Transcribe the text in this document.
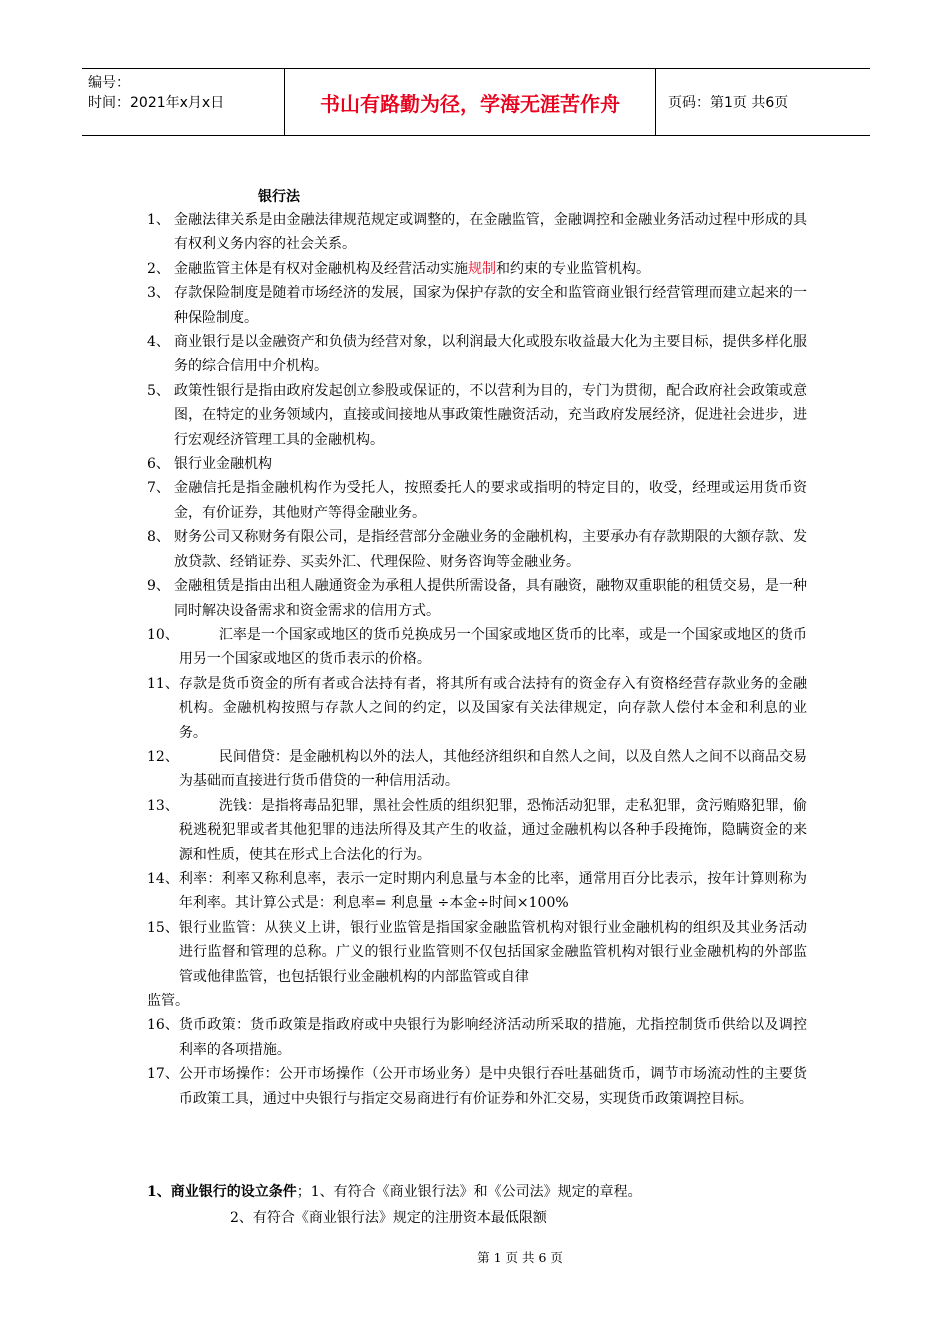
编号：
时间：2021年x月x日	书山有路勤为径，学海无涯苦作舟	页码：第1页 共6页
银行法
1、 金融法律关系是由金融法律规范规定或调整的，在金融监管，金融调控和金融业务活动过程中形成的具有权利义务内容的社会关系。
2、 金融监管主体是有权对金融机构及经营活动实施规制和约束的专业监管机构。
3、 存款保险制度是随着市场经济的发展，国家为保护存款的安全和监管商业银行经营管理而建立起来的一种保险制度。
4、 商业银行是以金融资产和负债为经营对象，以利润最大化或股东收益最大化为主要目标，提供多样化服务的综合信用中介机构。
5、 政策性银行是指由政府发起创立参股或保证的，不以营利为目的，专门为贯彻，配合政府社会政策或意图，在特定的业务领域内，直接或间接地从事政策性融资活动，充当政府发展经济，促进社会进步，进行宏观经济管理工具的金融机构。
6、 银行业金融机构
7、 金融信托是指金融机构作为受托人，按照委托人的要求或指明的特定目的，收受，经理或运用货币资金，有价证券，其他财产等得金融业务。
8、 财务公司又称财务有限公司，是指经营部分金融业务的金融机构，主要承办有存款期限的大额存款、发放贷款、经销证券、买卖外汇、代理保险、财务咨询等金融业务。
9、 金融租赁是指由出租人融通资金为承租人提供所需设备，具有融资，融物双重职能的租赁交易，是一种同时解决设备需求和资金需求的信用方式。
10、	汇率是一个国家或地区的货币兑换成另一个国家或地区货币的比率，或是一个国家或地区的货币用另一个国家或地区的货币表示的价格。
11、 存款是货币资金的所有者或合法持有者，将其所有或合法持有的资金存入有资格经营存款业务的金融机构。金融机构按照与存款人之间的约定，以及国家有关法律规定，向存款人偿付本金和利息的业务。
12、	民间借贷：是金融机构以外的法人，其他经济组织和自然人之间，以及自然人之间不以商品交易为基础而直接进行货币借贷的一种信用活动。
13、	洗钱：是指将毒品犯罪，黑社会性质的组织犯罪，恐怖活动犯罪，走私犯罪，贪污贿赂犯罪，偷税逃税犯罪或者其他犯罪的违法所得及其产生的收益，通过金融机构以各种手段掩饰，隐瞒资金的来源和性质，使其在形式上合法化的行为。
14、 利率：利率又称利息率，表示一定时期内利息量与本金的比率，通常用百分比表示，按年计算则称为年利率。其计算公式是：利息率= 利息量 ÷本金÷时间×100%
15、 银行业监管：从狭义上讲，银行业监管是指国家金融监管机构对银行业金融机构的组织及其业务活动进行监督和管理的总称。广义的银行业监管则不仅包括国家金融监管机构对银行业金融机构的外部监管或他律监管，也包括银行业金融机构的内部监管或自律
监管。
16、 货币政策：货币政策是指政府或中央银行为影响经济活动所采取的措施，尤指控制货币供给以及调控利率的各项措施。
17、 公开市场操作：公开市场操作（公开市场业务）是中央银行吞吐基础货币，调节市场流动性的主要货币政策工具，通过中央银行与指定交易商进行有价证券和外汇交易，实现货币政策调控目标。
1、商业银行的设立条件；1、有符合《商业银行法》和《公司法》规定的章程。
2、有符合《商业银行法》规定的注册资本最低限额
第 1 页 共 6 页
